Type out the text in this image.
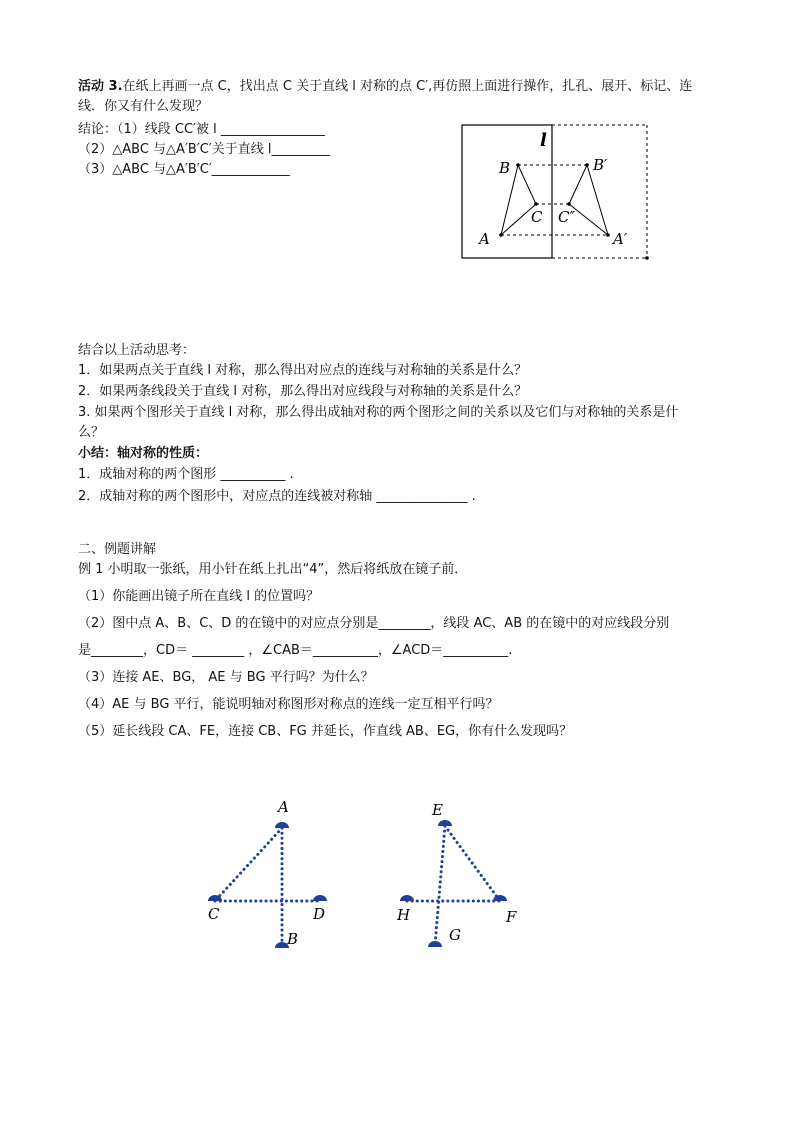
活动 3.在纸上再画一点 C，找出点 C 关于直线 l 对称的点 C′,再仿照上面进行操作，扎孔、展开、标记、连
线．你又有什么发现？
结论：（1）线段 CC′被 l ________________
（2）△ABC 与△A′B′C′关于直线 l_________
（3）△ABC 与△A′B′C′____________
l
B
A
C
B′
A′
C″
结合以上活动思考：
1．如果两点关于直线 l 对称，那么得出对应点的连线与对称轴的关系是什么？
2．如果两条线段关于直线 l 对称，那么得出对应线段与对称轴的关系是什么？
3. 如果两个图形关于直线 l 对称，那么得出成轴对称的两个图形之间的关系以及它们与对称轴的关系是什
么？
小结：轴对称的性质：
1．成轴对称的两个图形 __________ .
2．成轴对称的两个图形中，对应点的连线被对称轴 ______________ .
二、例题讲解
例 1 小明取一张纸，用小针在纸上扎出“4”，然后将纸放在镜子前．
（1）你能画出镜子所在直线 l 的位置吗？
（2）图中点 A、B、C、D 的在镜中的对应点分别是________，线段 AC、AB 的在镜中的对应线段分别
是________，CD＝ ________ ，∠CAB＝__________，∠ACD＝__________.
（3）连接 AE、BG， AE 与 BG 平行吗？为什么？
（4）AE 与 BG 平行，能说明轴对称图形对称点的连线一定互相平行吗？
（5）延长线段 CA、FE，连接 CB、FG 并延长，作直线 AB、EG，你有什么发现吗？
A
C	D
B
E
H	F
G
